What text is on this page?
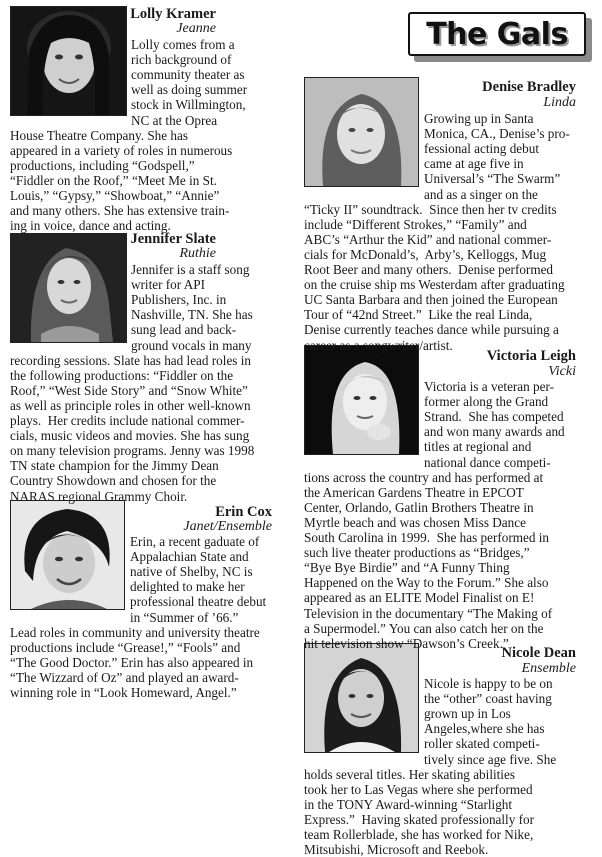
The Gals
Lolly Kramer
Jeanne
Jennifer Slate
Ruthie
Erin Cox
Janet/Ensemble
Denise Bradley
Linda
Victoria Leigh
Vicki
Nicole Dean
Ensemble
Lolly comes from a
rich background of
community theater as
well as doing summer
stock in Willmington,
NC at the Oprea
House Theatre Company. She has
appeared in a variety of roles in numerous
productions, including “Godspell,”
“Fiddler on the Roof,” “Meet Me in St.
Louis,” “Gypsy,” “Showboat,” “Annie”
and many others. She has extensive train-
ing in voice, dance and acting.
Jennifer is a staff song
writer for API
Publishers, Inc. in
Nashville, TN. She has
sung lead and back-
ground vocals in many
recording sessions. Slate has had lead roles in
the following productions: “Fiddler on the
Roof,” “West Side Story” and “Snow White”
as well as principle roles in other well-known
plays.  Her credits include national commer-
cials, music videos and movies. She has sung
on many television programs. Jenny was 1998
TN state champion for the Jimmy Dean
Country Showdown and chosen for the
NARAS regional Grammy Choir.
Erin, a recent gaduate of
Appalachian State and
native of Shelby, NC is
delighted to make her
professional theatre debut
in “Summer of ’66.”
Lead roles in community and university theatre
productions include “Grease!,” “Fools” and
“The Good Doctor.” Erin has also appeared in
“The Wizzard of Oz” and played an award-
winning role in “Look Homeward, Angel.”
Growing up in Santa
Monica, CA., Denise’s pro-
fessional acting debut
came at age five in
Universal’s “The Swarm”
and as a singer on the
“Ticky II” soundtrack.  Since then her tv credits
include “Different Strokes,” “Family” and
ABC’s “Arthur the Kid” and national commer-
cials for McDonald’s,  Arby’s, Kelloggs, Mug
Root Beer and many others.  Denise performed
on the cruise ship ms Westerdam after graduating
UC Santa Barbara and then joined the European
Tour of “42nd Street.”  Like the real Linda,
Denise currently teaches dance while pursuing a
career as a songwriter/artist.
Victoria is a veteran per-
former along the Grand
Strand.  She has competed
and won many awards and
titles at regional and
national dance competi-
tions across the country and has performed at
the American Gardens Theatre in EPCOT
Center, Orlando, Gatlin Brothers Theatre in
Myrtle beach and was chosen Miss Dance
South Carolina in 1999.  She has performed in
such live theater productions as “Bridges,”
“Bye Bye Birdie” and “A Funny Thing
Happened on the Way to the Forum.” She also
appeared as an ELITE Model Finalist on E!
Television in the documentary “The Making of
a Supermodel.” You can also catch her on the
hit television show “Dawson’s Creek.”
Nicole is happy to be on
the “other” coast having
grown up in Los
Angeles,where she has
roller skated competi-
tively since age five. She
holds several titles. Her skating abilities
took her to Las Vegas where she performed
in the TONY Award-winning “Starlight
Express.”  Having skated professionally for
team Rollerblade, she has worked for Nike,
Mitsubishi, Microsoft and Reebok.
